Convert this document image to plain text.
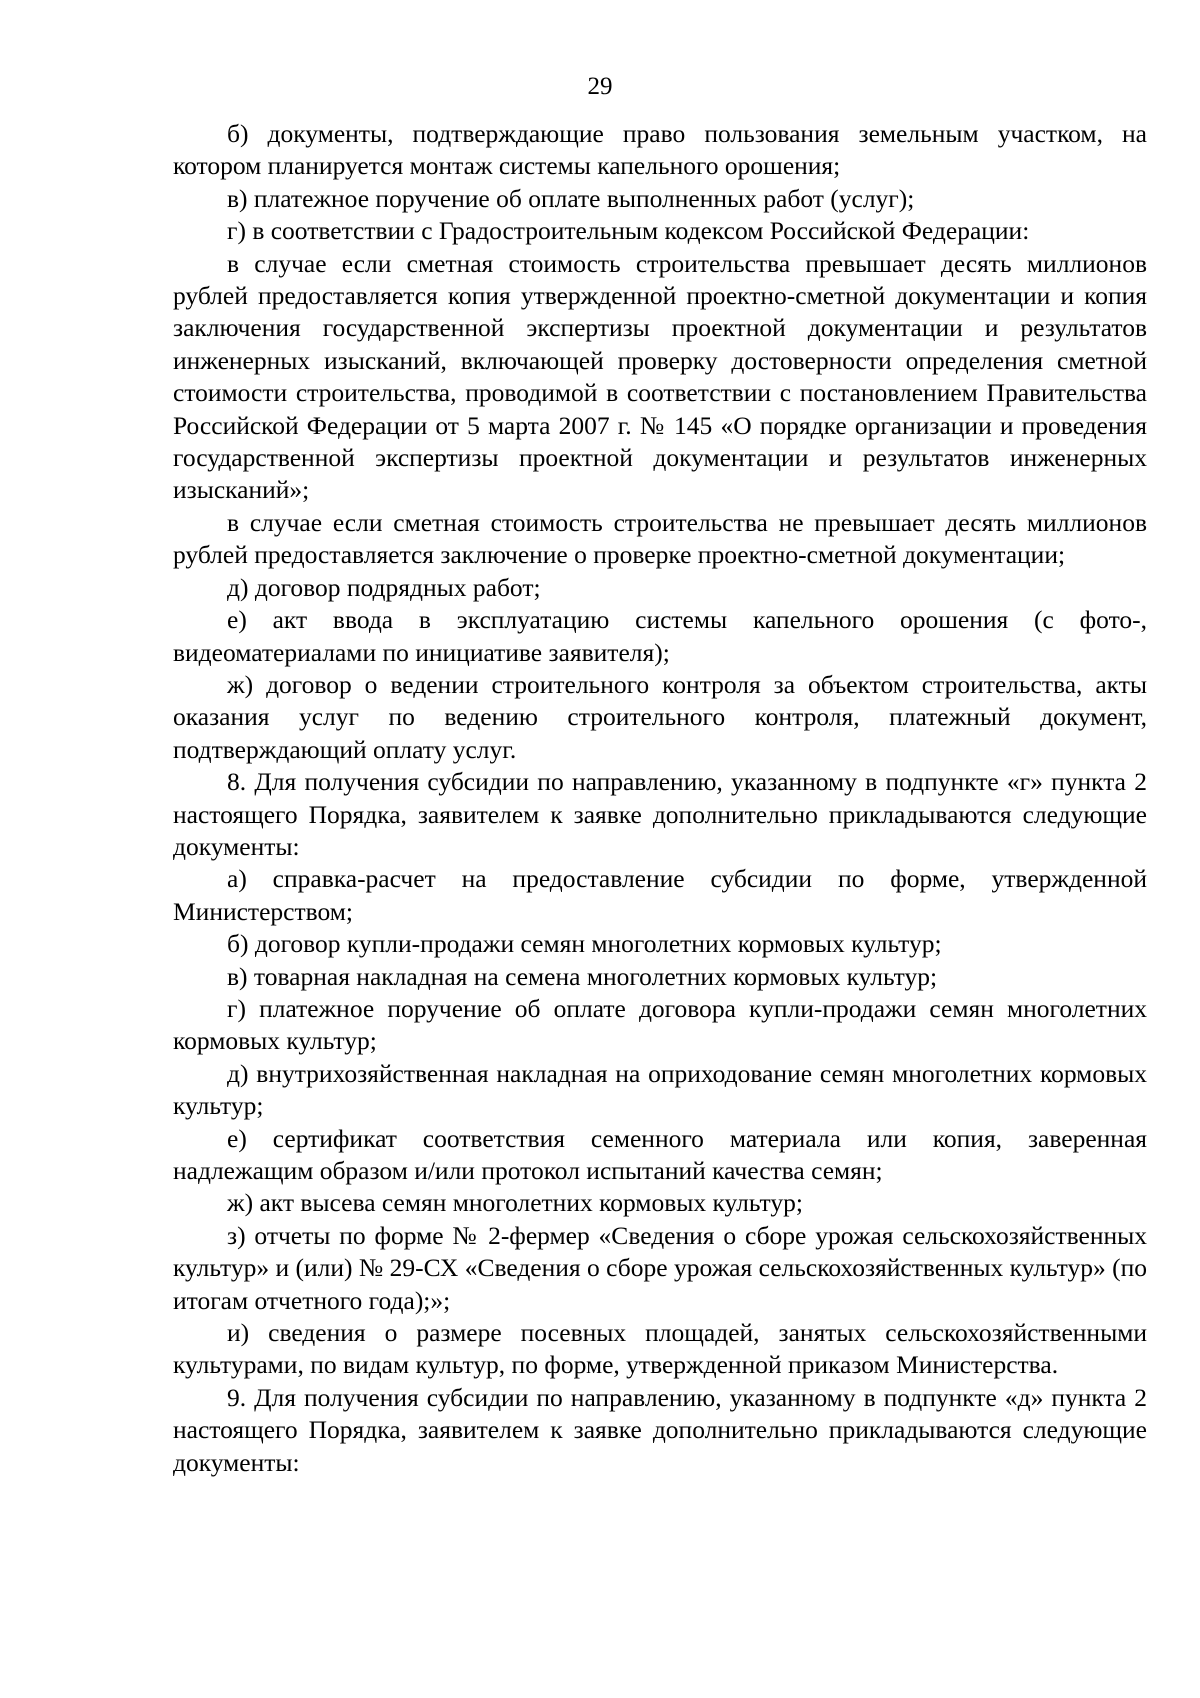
29

б) документы, подтверждающие право пользования земельным участком, на котором планируется монтаж системы капельного орошения;

в) платежное поручение об оплате выполненных работ (услуг);

г) в соответствии с Градостроительным кодексом Российской Федерации:

в случае если сметная стоимость строительства превышает десять миллионов рублей предоставляется копия утвержденной проектно-сметной документации и копия заключения государственной экспертизы проектной документации и результатов инженерных изысканий, включающей проверку достоверности определения сметной стоимости строительства, проводимой в соответствии с постановлением Правительства Российской Федерации от 5 марта 2007 г. № 145 «О порядке организации и проведения государственной экспертизы проектной документации и результатов инженерных изысканий»;

в случае если сметная стоимость строительства не превышает десять миллионов рублей предоставляется заключение о проверке проектно-сметной документации;

д) договор подрядных работ;

е) акт ввода в эксплуатацию системы капельного орошения (с фото-, видеоматериалами по инициативе заявителя);

ж) договор о ведении строительного контроля за объектом строительства, акты оказания услуг по ведению строительного контроля, платежный документ, подтверждающий оплату услуг.

8. Для получения субсидии по направлению, указанному в подпункте «г» пункта 2 настоящего Порядка, заявителем к заявке дополнительно прикладываются следующие документы:

а) справка-расчет на предоставление субсидии по форме, утвержденной Министерством;

б) договор купли-продажи семян многолетних кормовых культур;

в) товарная накладная на семена многолетних кормовых культур;

г) платежное поручение об оплате договора купли-продажи семян многолетних кормовых культур;

д) внутрихозяйственная накладная на оприходование семян многолетних кормовых культур;

е) сертификат соответствия семенного материала или копия, заверенная надлежащим образом и/или протокол испытаний качества семян;

ж) акт высева семян многолетних кормовых культур;

з) отчеты по форме № 2-фермер «Сведения о сборе урожая сельскохозяйственных культур» и (или) № 29-СХ «Сведения о сборе урожая сельскохозяйственных культур» (по итогам отчетного года);»;

и) сведения о размере посевных площадей, занятых сельскохозяйственными культурами, по видам культур, по форме, утвержденной приказом Министерства.

9. Для получения субсидии по направлению, указанному в подпункте «д» пункта 2 настоящего Порядка, заявителем к заявке дополнительно прикладываются следующие документы:
